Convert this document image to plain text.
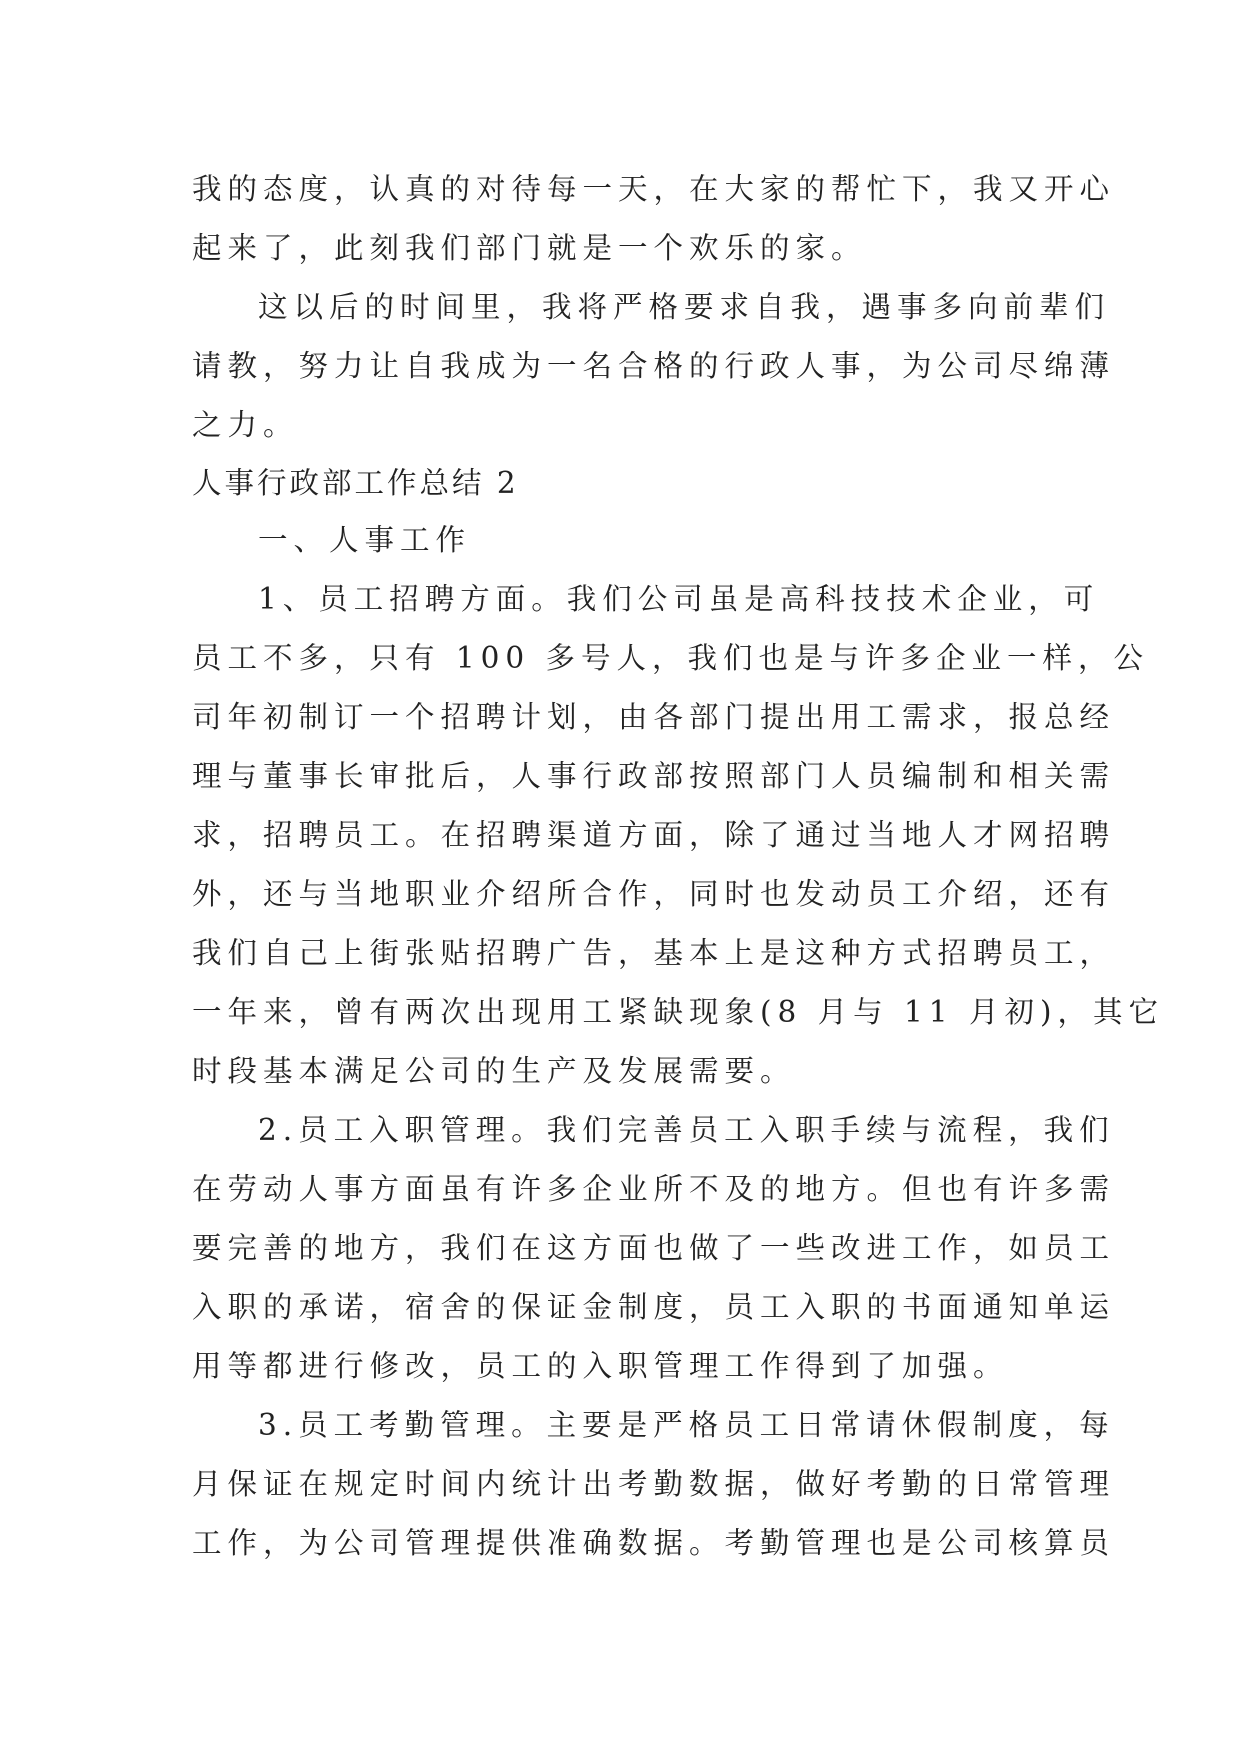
我的态度，认真的对待每一天，在大家的帮忙下，我又开心
起来了，此刻我们部门就是一个欢乐的家。
这以后的时间里，我将严格要求自我，遇事多向前辈们
请教，努力让自我成为一名合格的行政人事，为公司尽绵薄
之力。
人事行政部工作总结 2
一、人事工作
1、员工招聘方面。我们公司虽是高科技技术企业，可
员工不多，只有 100 多号人，我们也是与许多企业一样，公
司年初制订一个招聘计划，由各部门提出用工需求，报总经
理与董事长审批后，人事行政部按照部门人员编制和相关需
求，招聘员工。在招聘渠道方面，除了通过当地人才网招聘
外，还与当地职业介绍所合作，同时也发动员工介绍，还有
我们自己上街张贴招聘广告，基本上是这种方式招聘员工，
一年来，曾有两次出现用工紧缺现象(8 月与 11 月初)，其它
时段基本满足公司的生产及发展需要。
2.员工入职管理。我们完善员工入职手续与流程，我们
在劳动人事方面虽有许多企业所不及的地方。但也有许多需
要完善的地方，我们在这方面也做了一些改进工作，如员工
入职的承诺，宿舍的保证金制度，员工入职的书面通知单运
用等都进行修改，员工的入职管理工作得到了加强。
3.员工考勤管理。主要是严格员工日常请休假制度，每
月保证在规定时间内统计出考勤数据，做好考勤的日常管理
工作，为公司管理提供准确数据。考勤管理也是公司核算员
